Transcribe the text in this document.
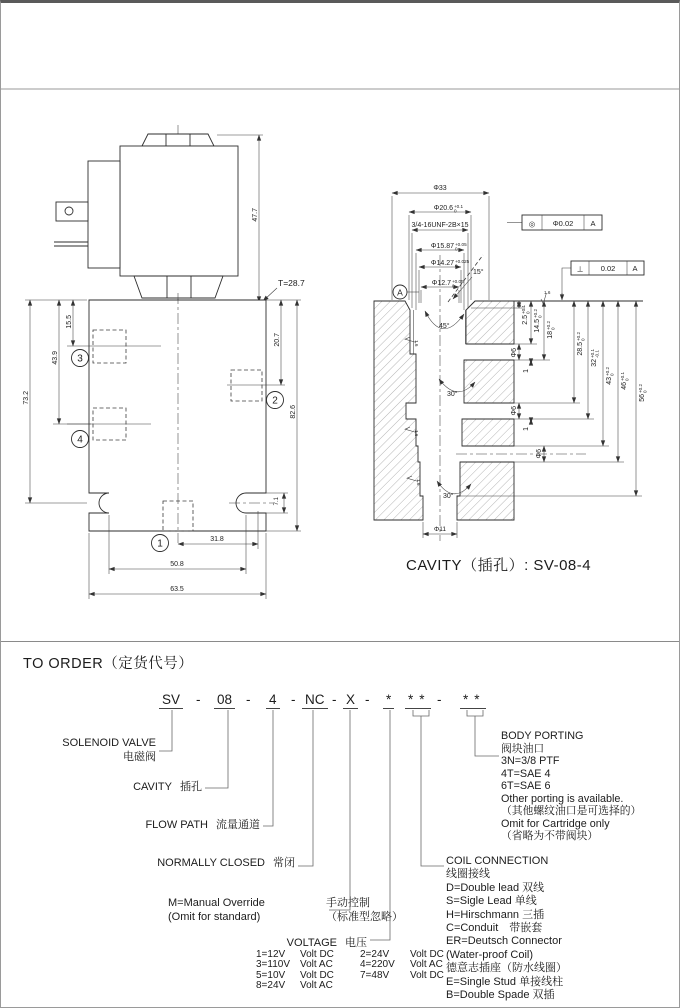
47.7
T=28.7
3
4
2
1
73.2
43.9
15.5
20.7
82.6
7.1
31.8
50.8
63.5
Φ33
Φ20.6 +0.1
0
3/4-16UNF-2B×15
Φ15.87 +0.05
0
Φ14.27 +0.025
0
Φ12.7 +0.05
0
15°
A
◎ Φ0.02 A
⊥ 0.02 A
2.5
+0.1 0
14.5
+0.2 0
18
+0.2 0
28.5
+0.2 0
32
+0.1 -0.1
43
+0.2 0
46
+0.1 0
56
+0.2 0
Φ6
1
Φ6
1
Φ6
Φ11
45°
30°
30°
1.6
1.6
1.6
1.6
CAVITY（插孔）: SV-08-4
TO ORDER（定货代号）
SV - 08 - 4 - NC - X - * ** - **
SOLENOID VALVE
电磁阀
CAVITY 插孔
FLOW PATH 流量通道
NORMALLY CLOSED 常闭
M=Manual Override	手动控制
(Omit for standard)	（标准型忽略）
VOLTAGE 电压
1=12V	Volt DC	2=24V	Volt DC
3=110V Volt AC	4=220V	Volt AC
5=10V	Volt DC	7=48V	Volt DC
8=24V	Volt AC
COIL CONNECTION
线圈接线
D=Double lead 双线
S=Sigle Lead 单线
H=Hirschmann 三插
C=Conduit　带嵌套
ER=Deutsch Connector
(Water-proof Coil)
德意志插座（防水线圈）
E=Single Stud 单接线柱
B=Double Spade 双插
BODY PORTING
阀块油口
3N=3/8 PTF
4T=SAE 4
6T=SAE 6
Other porting is available.
（其他螺纹油口是可选择的）
Omit for Cartridge only
（省略为不带阀块）
